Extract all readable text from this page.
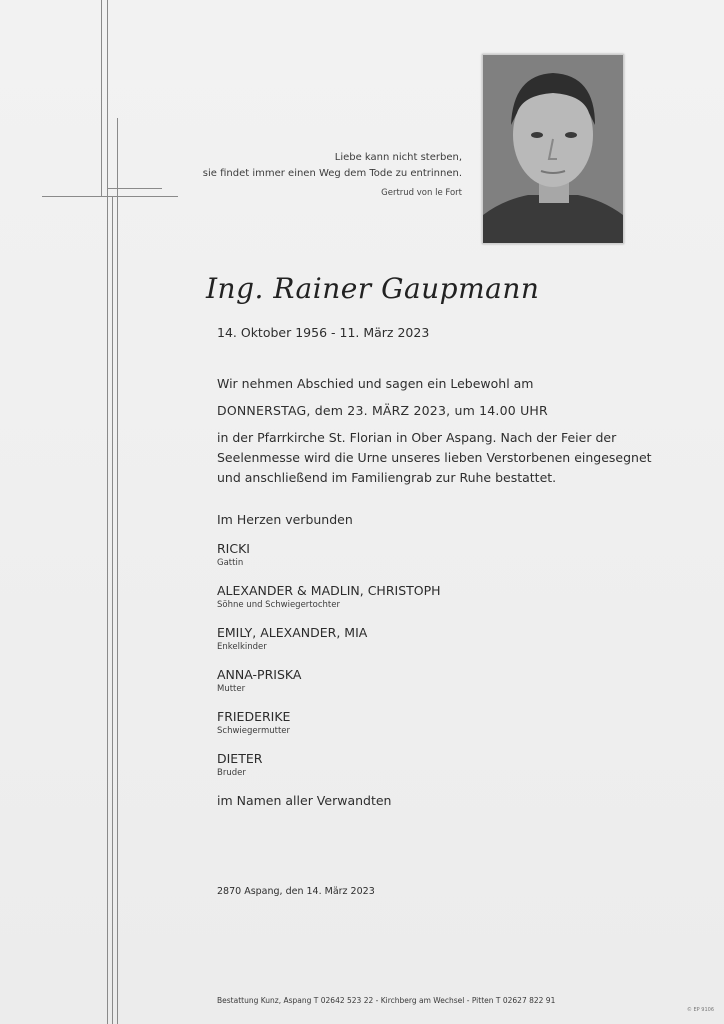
Liebe kann nicht sterben,
sie findet immer einen Weg dem Tode zu entrinnen.
Gertrud von le Fort
Ing. Rainer Gaupmann
14. Oktober 1956 - 11. März 2023
Wir nehmen Abschied und sagen ein Lebewohl am
DONNERSTAG, dem 23. MÄRZ 2023, um 14.00 UHR
in der Pfarrkirche St. Florian in Ober Aspang. Nach der Feier der
Seelenmesse wird die Urne unseres lieben Verstorbenen eingesegnet
und anschließend im Familiengrab zur Ruhe bestattet.
Im Herzen verbunden
RICKI
Gattin
ALEXANDER & MADLIN, CHRISTOPH
Söhne und Schwiegertochter
EMILY, ALEXANDER, MIA
Enkelkinder
ANNA-PRISKA
Mutter
FRIEDERIKE
Schwiegermutter
DIETER
Bruder
im Namen aller Verwandten
2870 Aspang, den 14. März 2023
Bestattung Kunz, Aspang T 02642 523 22 - Kirchberg am Wechsel - Pitten T 02627 822 91
© EP 9106
